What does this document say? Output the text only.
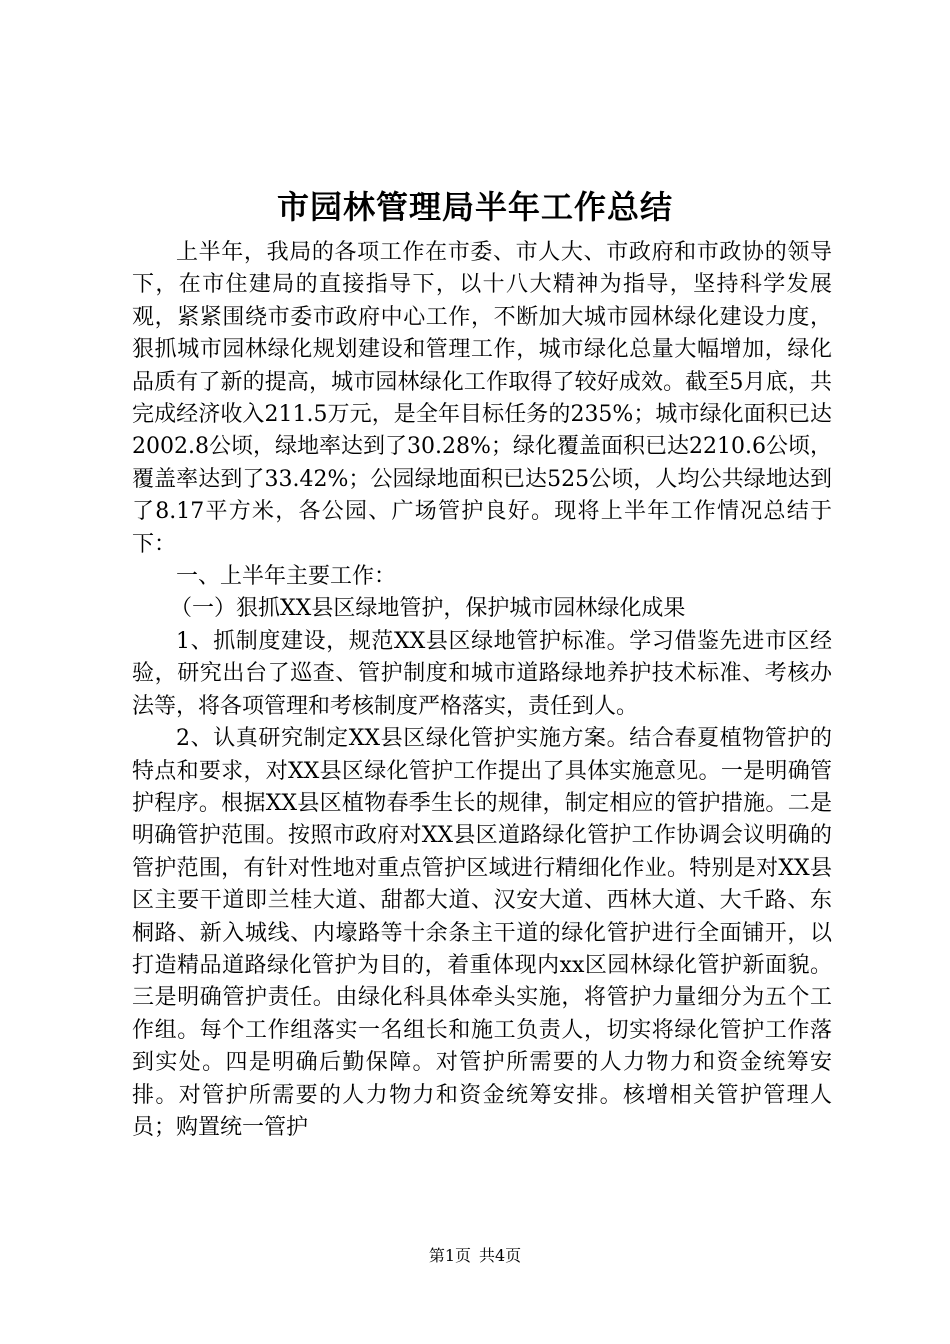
市园林管理局半年工作总结

上半年，我局的各项工作在市委、市人大、市政府和市政协的领导下，在市住建局的直接指导下，以十八大精神为指导，坚持科学发展观，紧紧围绕市委市政府中心工作，不断加大城市园林绿化建设力度，狠抓城市园林绿化规划建设和管理工作，城市绿化总量大幅增加，绿化品质有了新的提高，城市园林绿化工作取得了较好成效。截至5月底，共完成经济收入211.5万元，是全年目标任务的235%；城市绿化面积已达2002.8公顷，绿地率达到了30.28%；绿化覆盖面积已达2210.6公顷，覆盖率达到了33.42%；公园绿地面积已达525公顷，人均公共绿地达到了8.17平方米，各公园、广场管护良好。现将上半年工作情况总结于下：

一、上半年主要工作：

（一）狠抓XX县区绿地管护，保护城市园林绿化成果

1、抓制度建设，规范XX县区绿地管护标准。学习借鉴先进市区经验，研究出台了巡查、管护制度和城市道路绿地养护技术标准、考核办法等，将各项管理和考核制度严格落实，责任到人。

2、认真研究制定XX县区绿化管护实施方案。结合春夏植物管护的特点和要求，对XX县区绿化管护工作提出了具体实施意见。一是明确管护程序。根据XX县区植物春季生长的规律，制定相应的管护措施。二是明确管护范围。按照市政府对XX县区道路绿化管护工作协调会议明确的管护范围，有针对性地对重点管护区域进行精细化作业。特别是对XX县区主要干道即兰桂大道、甜都大道、汉安大道、西林大道、大千路、东桐路、新入城线、内壕路等十余条主干道的绿化管护进行全面铺开，以打造精品道路绿化管护为目的，着重体现内xx区园林绿化管护新面貌。三是明确管护责任。由绿化科具体牵头实施，将管护力量细分为五个工作组。每个工作组落实一名组长和施工负责人，切实将绿化管护工作落到实处。四是明确后勤保障。对管护所需要的人力物力和资金统筹安排。对管护所需要的人力物力和资金统筹安排。核增相关管护管理人员；购置统一管护

第1页 共4页
